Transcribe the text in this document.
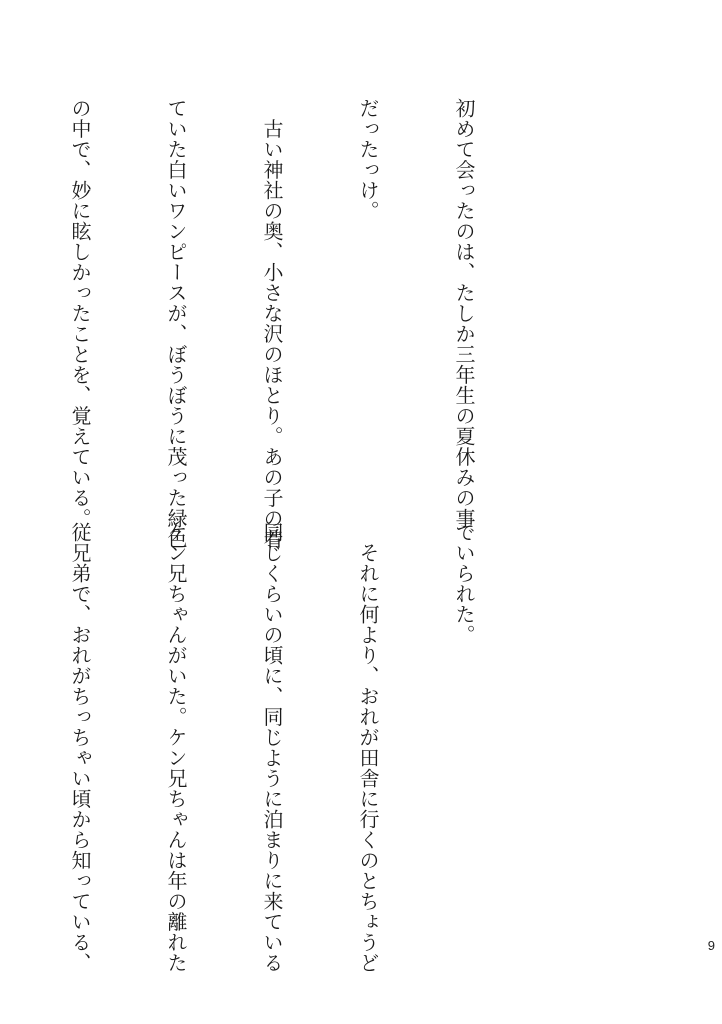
初めて会ったのは、たしか三年生の夏休みの事

だったっけ。

　古い神社の奥、小さな沢のほとり。あの子の着

ていた白いワンピースが、ぼうぼうに茂った緑色

の中で、妙に眩しかったことを、覚えている。

でいられた。

　それに何より、おれが田舎に行くのとちょうど

同じくらいの頃に、同じように泊まりに来ている

ケン兄ちゃんがいた。ケン兄ちゃんは年の離れた

従兄弟で、おれがちっちゃい頃から知っている、

	9
